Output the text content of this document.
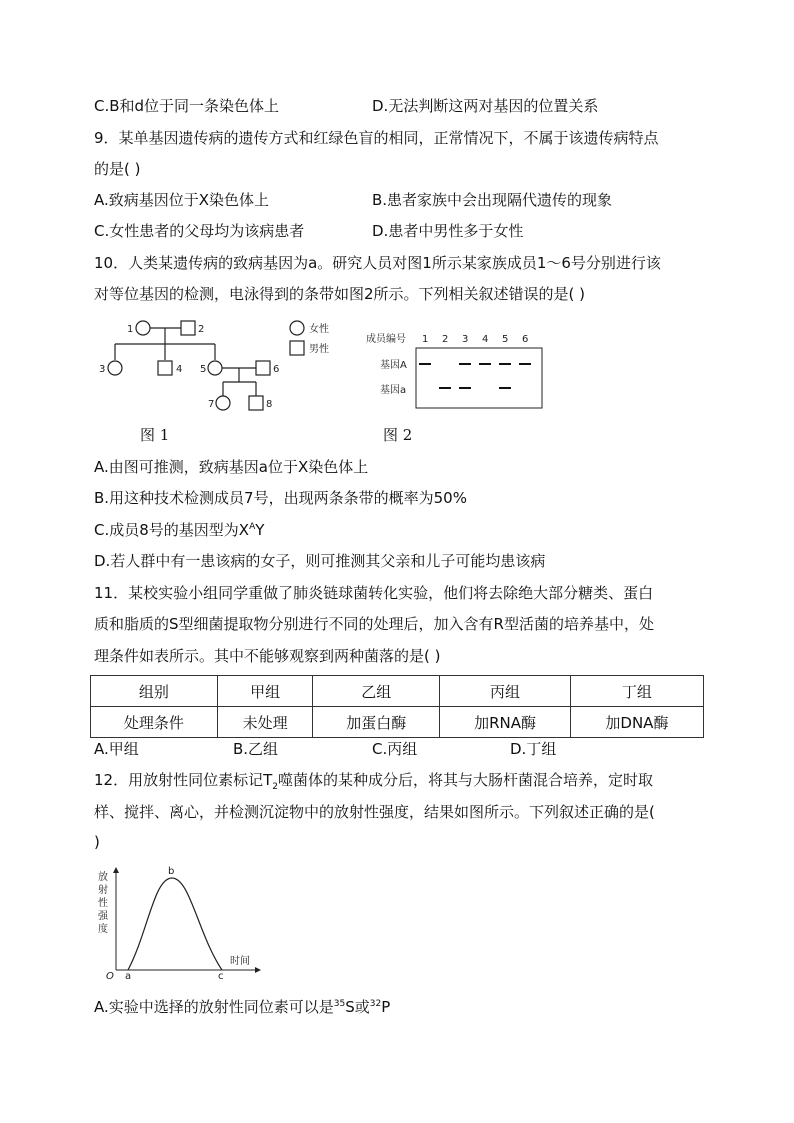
C.B和d位于同一条染色体上	D.无法判断这两对基因的位置关系
9．某单基因遗传病的遗传方式和红绿色盲的相同，正常情况下，不属于该遗传病特点
的是( )
A.致病基因位于X染色体上	B.患者家族中会出现隔代遗传的现象
C.女性患者的父母均为该病患者	D.患者中男性多于女性
10．人类某遗传病的致病基因为a。研究人员对图1所示某家族成员1～6号分别进行该
对等位基因的检测，电泳得到的条带如图2所示。下列相关叙述错误的是( )
1	2
3	4 5	6
7	8
女性
男性
成员编号 1 2 3 4 5 6
基因A
基因a
图 1	图 2
A.由图可推测，致病基因a位于X染色体上
B.用这种技术检测成员7号，出现两条条带的概率为50%
C.成员8号的基因型为$X^AY$
D.若人群中有一患该病的女子，则可推测其父亲和儿子可能均患该病
11．某校实验小组同学重做了肺炎链球菌转化实验，他们将去除绝大部分糖类、蛋白
质和脂质的S型细菌提取物分别进行不同的处理后，加入含有R型活菌的培养基中，处
理条件如表所示。其中不能够观察到两种菌落的是( )
组别	甲组	乙组	丙组	丁组
处理条件	未处理	加蛋白酶	加RNA酶	加DNA酶
A.甲组	B.乙组	C.丙组	D.丁组
12．用放射性同位素标记$T_2$噬菌体的某种成分后，将其与大肠杆菌混合培养，定时取
样、搅拌、离心，并检测沉淀物中的放射性强度，结果如图所示。下列叙述正确的是(
)
放
射
性
强
度
时间
O a
b
c
A.实验中选择的放射性同位素可以是$^{35}$S或$^{32}$P
